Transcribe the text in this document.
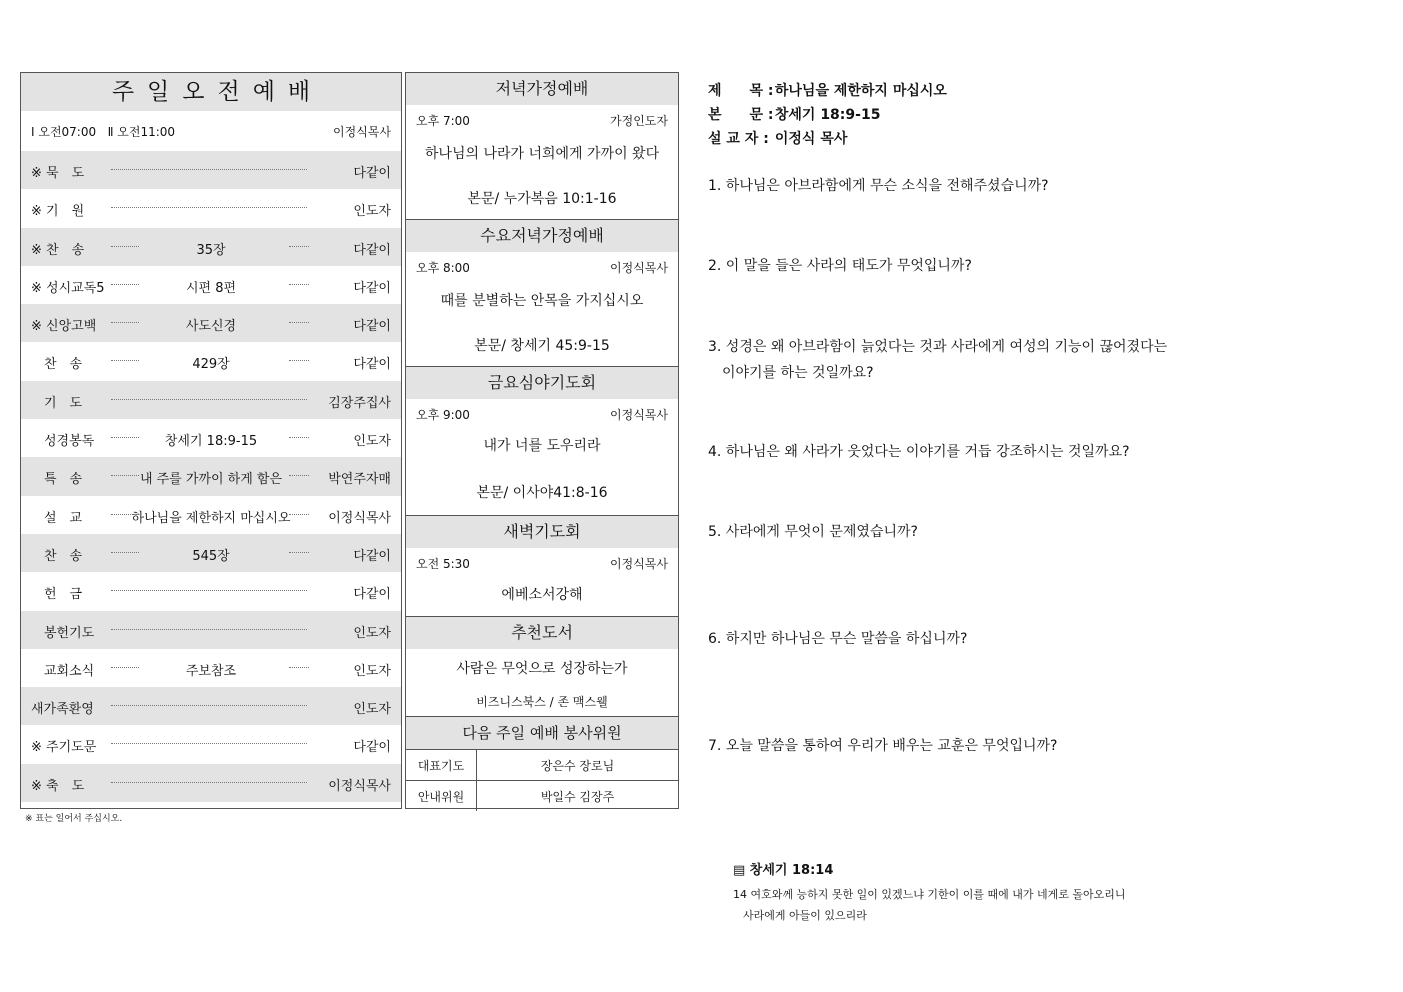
주일오전예배
Ⅰ 오전07:00   Ⅱ 오전11:00	이정식목사
※ 묵　도	다같이
※ 기　원	인도자
※ 찬　송	35장	다같이
※ 성시교독5	시편 8편	다같이
※ 신앙고백	사도신경	다같이
　찬　송	429장	다같이
　기　도	김장주집사
　성경봉독	창세기 18:9-15	인도자
　특　송	내 주를 가까이 하게 함은	박연주자매
　설　교	하나님을 제한하지 마십시오	이정식목사
　찬　송	545장	다같이
　헌　금	다같이
　봉헌기도	인도자
　교회소식	주보참조	인도자
새가족환영	인도자
※ 주기도문	다같이
※ 축　도	이정식목사
※ 표는 일어서 주십시오.
저녁가정예배
오후 7:00	가정인도자
하나님의 나라가 너희에게 가까이 왔다
본문/ 누가복음 10:1-16
수요저녁가정예배
오후 8:00	이정식목사
때를 분별하는 안목을 가지십시오
본문/ 창세기 45:9-15
금요심야기도회
오후 9:00	이정식목사
내가 너를 도우리라
본문/ 이사야41:8-16
새벽기도회
오전 5:30	이정식목사
에베소서강해
추천도서
사람은 무엇으로 성장하는가
비즈니스북스 / 존 맥스웰
다음 주일 예배 봉사위원
대표기도	장은수 장로님
안내위원	박일수 김장주
제　　목 : 하나님을 제한하지 마십시오
본　　문 : 창세기 18:9-15
설 교 자 : 이정식 목사
1. 하나님은 아브라함에게 무슨 소식을 전해주셨습니까?
2. 이 말을 들은 사라의 태도가 무엇입니까?
3. 성경은 왜 아브라함이 늙었다는 것과 사라에게 여성의 기능이 끊어졌다는
　이야기를 하는 것일까요?
4. 하나님은 왜 사라가 웃었다는 이야기를 거듭 강조하시는 것일까요?
5. 사라에게 무엇이 문제였습니까?
6. 하지만 하나님은 무슨 말씀을 하십니까?
7. 오늘 말씀을 통하여 우리가 배우는 교훈은 무엇입니까?
▤ 창세기 18:14
14 여호와께 능하지 못한 일이 있겠느냐 기한이 이를 때에 내가 네게로 돌아오리니
사라에게 아들이 있으리라
